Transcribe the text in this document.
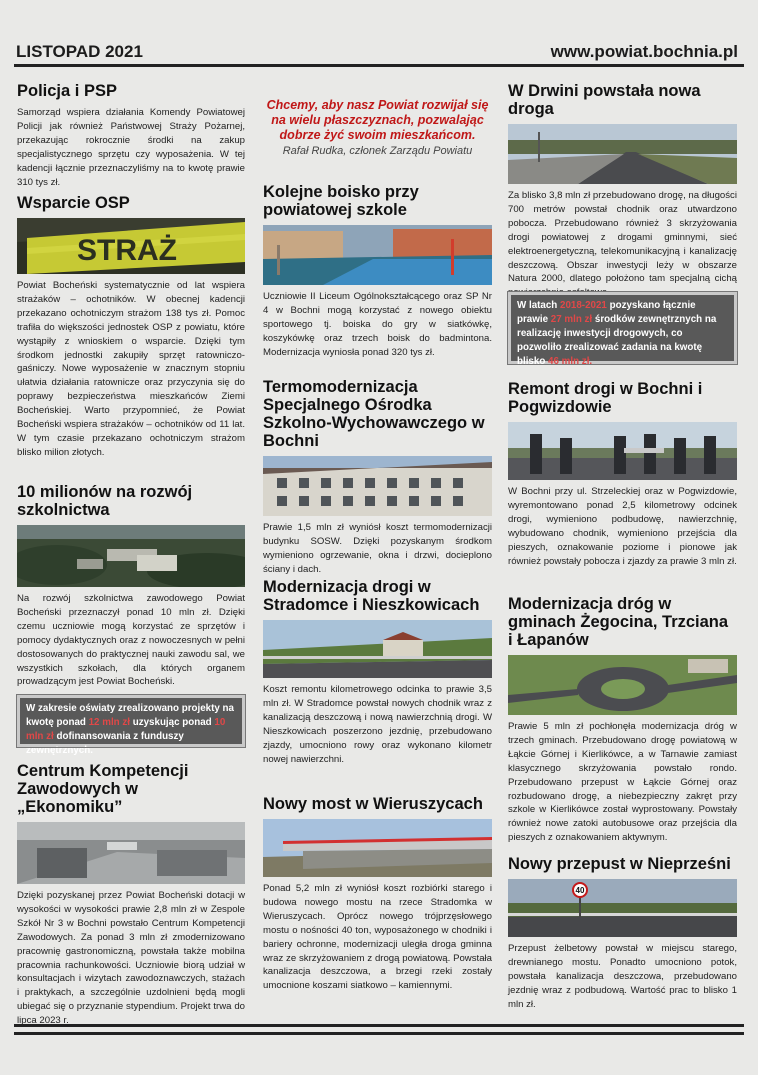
LISTOPAD 2021	www.powiat.bochnia.pl
Policja i PSP

Samorząd wspiera działania Komendy Powiatowej Policji jak również Państwowej Straży Pożarnej, przekazując rokrocznie środki na zakup specjalistycznego sprzętu czy wyposażenia. W tej kadencji łącznie przeznaczyliśmy na to kwotę prawie 310 tys zł.

Wsparcie OSP
STRAŻ

Powiat Bocheński systematycznie od lat wspiera strażaków – ochotników. W obecnej kadencji przekazano ochotniczym strażom 138 tys zł. Pomoc trafiła do większości jednostek OSP z powiatu, które wystąpiły z wnioskiem o wsparcie. Dzięki tym środkom jednostki zakupiły sprzęt ratowniczo-gaśniczy. Nowe wyposażenie w znacznym stopniu ułatwia działania ratownicze oraz przyczynia się do poprawy bezpieczeństwa mieszkańców Ziemi Bocheńskiej. Warto przypomnieć, że Powiat Bocheński wspiera strażaków – ochotników od 11 lat. W tym czasie przekazano ochotniczym strażom blisko milion złotych.

10 milionów na rozwój szkolnictwa

Na rozwój szkolnictwa zawodowego Powiat Bocheński przeznaczył ponad 10 mln zł. Dzięki czemu uczniowie mogą korzystać ze sprzętów i pomocy dydaktycznych oraz z nowoczesnych w pełni dostosowanych do praktycznej nauki zawodu sal, we wszystkich szkołach, dla których organem prowadzącym jest Powiat Bocheński.

W zakresie oświaty zrealizowano projekty na kwotę ponad 12 mln zł uzyskując ponad 10 mln zł dofinansowania z funduszy zewnętrznych.
Centrum Kompetencji Zawodowych w „Ekonomiku”

Dzięki pozyskanej przez Powiat Bocheński dotacji w wysokości w wysokości prawie 2,8 mln zł w Zespole Szkół Nr 3 w Bochni powstało Centrum Kompetencji Zawodowych. Za ponad 3 mln zł zmodernizowano pracownię gastronomiczną, powstała także mobilna pracownia rachunkowości. Uczniowie biorą udział w konsultacjach i wizytach zawodoznawczych, stażach i praktykach, a szczególnie uzdolnieni będą mogli ubiegać się o przyznanie stypendium. Projekt trwa do lipca 2023 r.

Chcemy, aby nasz Powiat rozwijał się na wielu płaszczyznach, pozwalając dobrze żyć swoim mieszkańcom.
Rafał Rudka, członek Zarządu Powiatu
Kolejne boisko przy powiatowej szkole

Uczniowie II Liceum Ogólnokształcącego oraz SP Nr 4 w Bochni mogą korzystać z nowego obiektu sportowego tj. boiska do gry w siatkówkę, koszykówkę oraz trzech boisk do badmintona. Modernizacja wyniosła ponad 320 tys zł.

Termomodernizacja Specjalnego Ośrodka Szkolno-Wychowawczego w Bochni

Prawie 1,5 mln zł wyniósł koszt termomodernizacji budynku SOSW. Dzięki pozyskanym środkom wymieniono ogrzewanie, okna i drzwi, docieplono ściany i dach.

Modernizacja drogi w Stradomce i Nieszkowicach

Koszt remontu kilometrowego odcinka to prawie 3,5 mln zł. W Stradomce powstał nowych chodnik wraz z kanalizacją deszczową i nową nawierzchnią drogi. W Nieszkowicach poszerzono jezdnię, przebudowano zjazdy, umocniono rowy oraz wykonano kilometr nowej nawierzchni.

Nowy most w Wieruszycach

Ponad 5,2 mln zł wyniósł koszt rozbiórki starego i budowa nowego mostu na rzece Stradomka w Wieruszycach. Oprócz nowego trójprzęsłowego mostu o nośności 40 ton, wyposażonego w chodniki i bariery ochronne, modernizacji uległa droga gminna wraz ze skrzyżowaniem z drogą powiatową. Powstała kanalizacja deszczowa, a brzegi rzeki zostały umocnione koszami siatkowo – kamiennymi.

W Drwini powstała nowa droga

Za blisko 3,8 mln zł przebudowano drogę, na długości 700 metrów powstał chodnik oraz utwardzono pobocza. Przebudowano również 3 skrzyżowania drogi powiatowej z drogami gminnymi, sieć elektroenergetyczną, telekomunikacyjną i kanalizację deszczową. Obszar inwestycji leży w obszarze Natura 2000, dlatego położono tam specjalną cichą

W latach 2018-2021 pozyskano łącznie prawie 27 mln zł środków zewnętrznych na realizację inwestycji drogowych, co pozwoliło zrealizować zadania na kwotę blisko 46 mln zł.
Remont drogi w Bochni i Pogwizdowie

W Bochni przy ul. Strzeleckiej oraz w Pogwizdowie, wyremontowano ponad 2,5 kilometrowy odcinek drogi, wymieniono podbudowę, nawierzchnię, wybudowano chodnik, wymieniono przejścia dla pieszych, oznakowanie poziome i pionowe jak również powstały pobocza i zjazdy za prawie 3 mln zł.

Modernizacja dróg w gminach Żegocina, Trzciana i Łapanów

Prawie 5 mln zł pochłonęła modernizacja dróg w trzech gminach. Przebudowano drogę powiatową w Łąkcie Górnej i Kierlikówce, a w Tarnawie zamiast klasycznego skrzyżowania powstało rondo. Przebudowano przepust w Łąkcie Górnej oraz rozbudowano drogę, a niebezpieczny zakręt przy szkole w Kierlikówce został wyprostowany. Powstały również nowe zatoki autobusowe oraz przejścia dla pieszych z oznakowaniem aktywnym.

Nowy przepust w Nieprześni
40

Przepust żelbetowy powstał w miejscu starego, drewnianego mostu. Ponadto umocniono potok, powstała kanalizacja deszczowa, przebudowano jezdnię wraz z podbudową. Wartość prac to blisko 1 mln zł.
